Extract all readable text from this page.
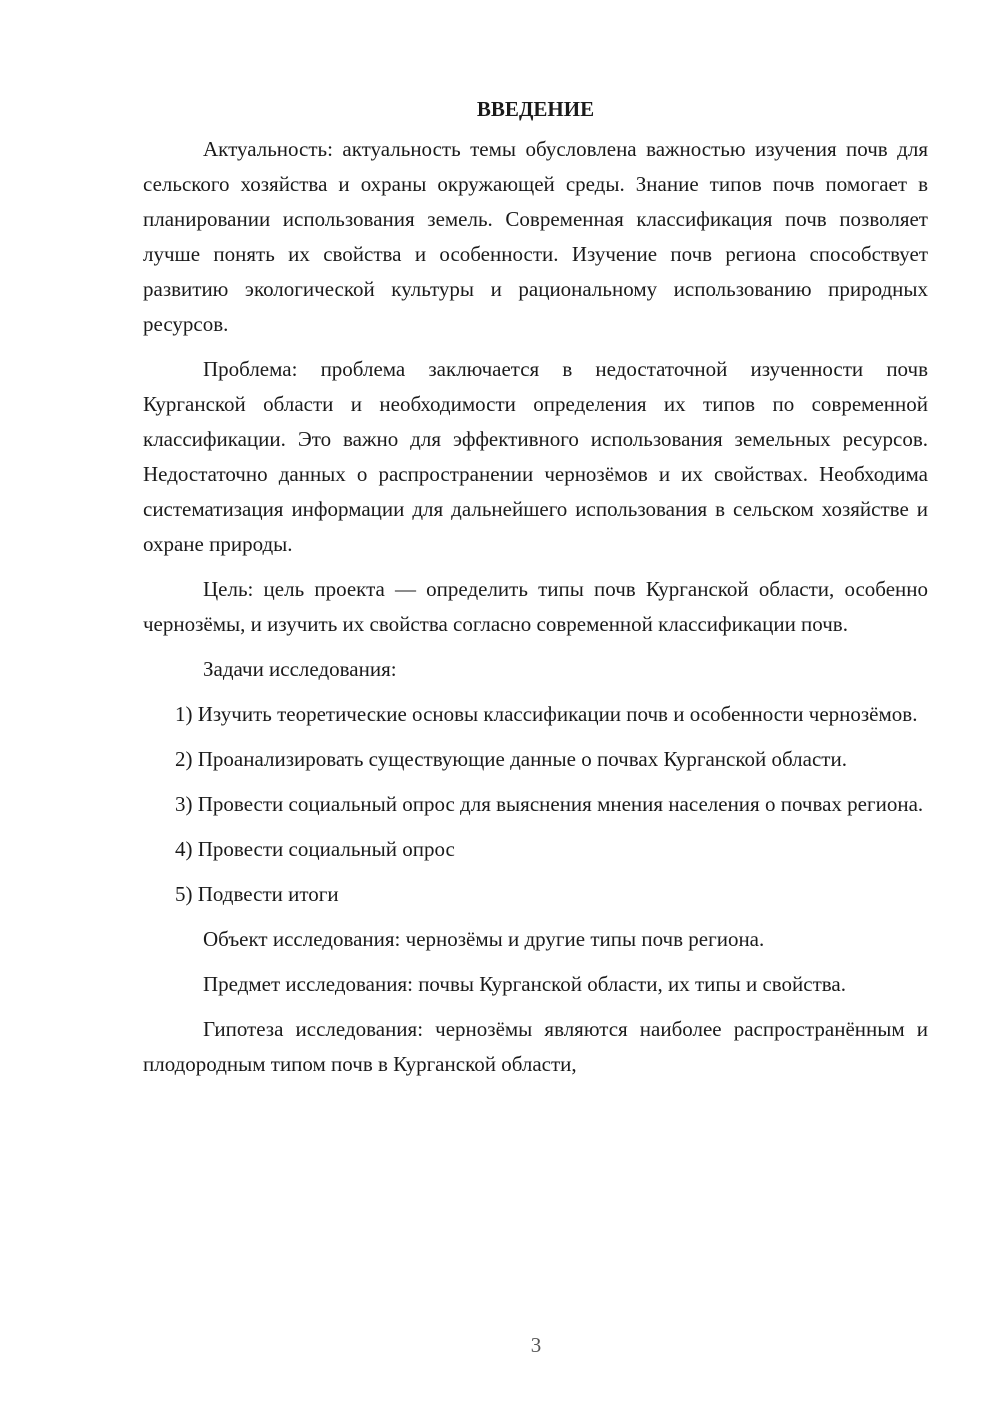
ВВЕДЕНИЕ

Актуальность: актуальность темы обусловлена важностью изучения почв для сельского хозяйства и охраны окружающей среды. Знание типов почв помогает в планировании использования земель. Современная классификация почв позволяет лучше понять их свойства и особенности. Изучение почв региона способствует развитию экологической культуры и рациональному использованию природных ресурсов.

Проблема: проблема заключается в недостаточной изученности почв Курганской области и необходимости определения их типов по современной классификации. Это важно для эффективного использования земельных ресурсов. Недостаточно данных о распространении чернозёмов и их свойствах. Необходима систематизация информации для дальнейшего использования в сельском хозяйстве и охране природы.

Цель: цель проекта — определить типы почв Курганской области, особенно чернозёмы, и изучить их свойства согласно современной классификации почв.

Задачи исследования:

1) Изучить теоретические основы классификации почв и особенности чернозёмов.

2) Проанализировать существующие данные о почвах Курганской области.

3) Провести социальный опрос для выяснения мнения населения о почвах региона.

4) Провести социальный опрос

5) Подвести итоги

Объект исследования: чернозёмы и другие типы почв региона.

Предмет исследования: почвы Курганской области, их типы и свойства.

Гипотеза исследования: чернозёмы являются наиболее распространённым и плодородным типом почв в Курганской области,

3
